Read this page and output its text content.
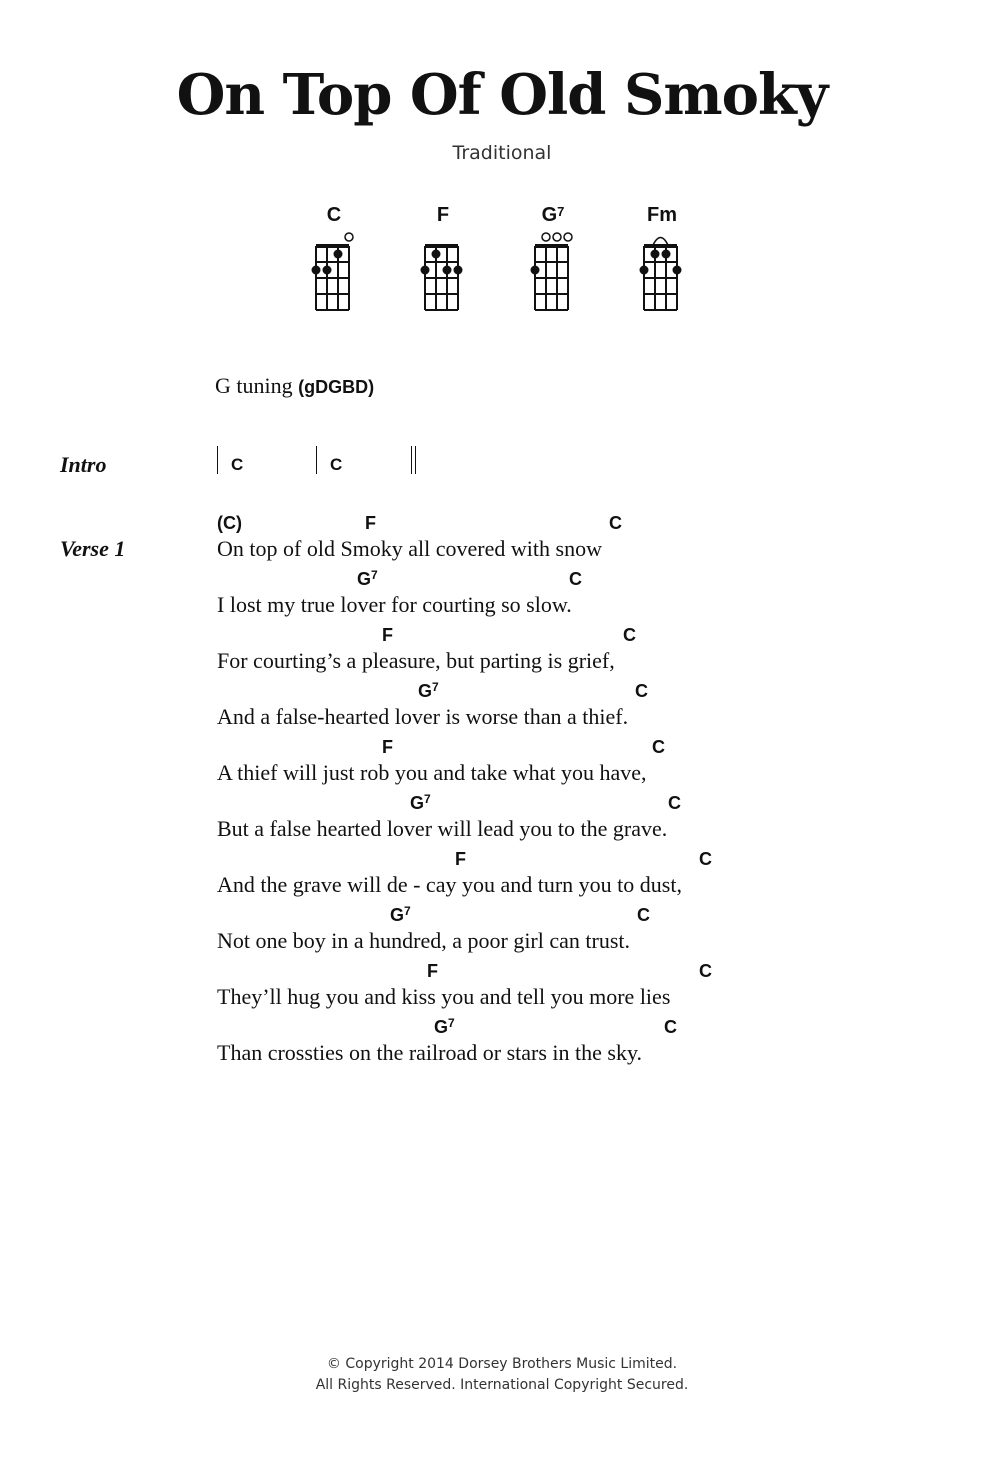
On Top Of Old Smoky
Traditional
C	F	$G^7$	Fm
G tuning (gDGBD)
Intro	C	C
Verse 1
(C)	F	C
On top of old Smoky all covered with snow
$G^7$	C
I lost my true lover for courting so slow.
F	C
For courting’s a pleasure, but parting is grief,
$G^7$	C
And a false-hearted lover is worse than a thief.
F	C
A thief will just rob you and take what you have,
$G^7$	C
But a false hearted lover will lead you to the grave.
F	C
And the grave will de - cay you and turn you to dust,
$G^7$	C
Not one boy in a hundred, a poor girl can trust.
F	C
They’ll hug you and kiss you and tell you more lies
$G^7$	C
Than crossties on the railroad or stars in the sky.
© Copyright 2014 Dorsey Brothers Music Limited.
All Rights Reserved. International Copyright Secured.
